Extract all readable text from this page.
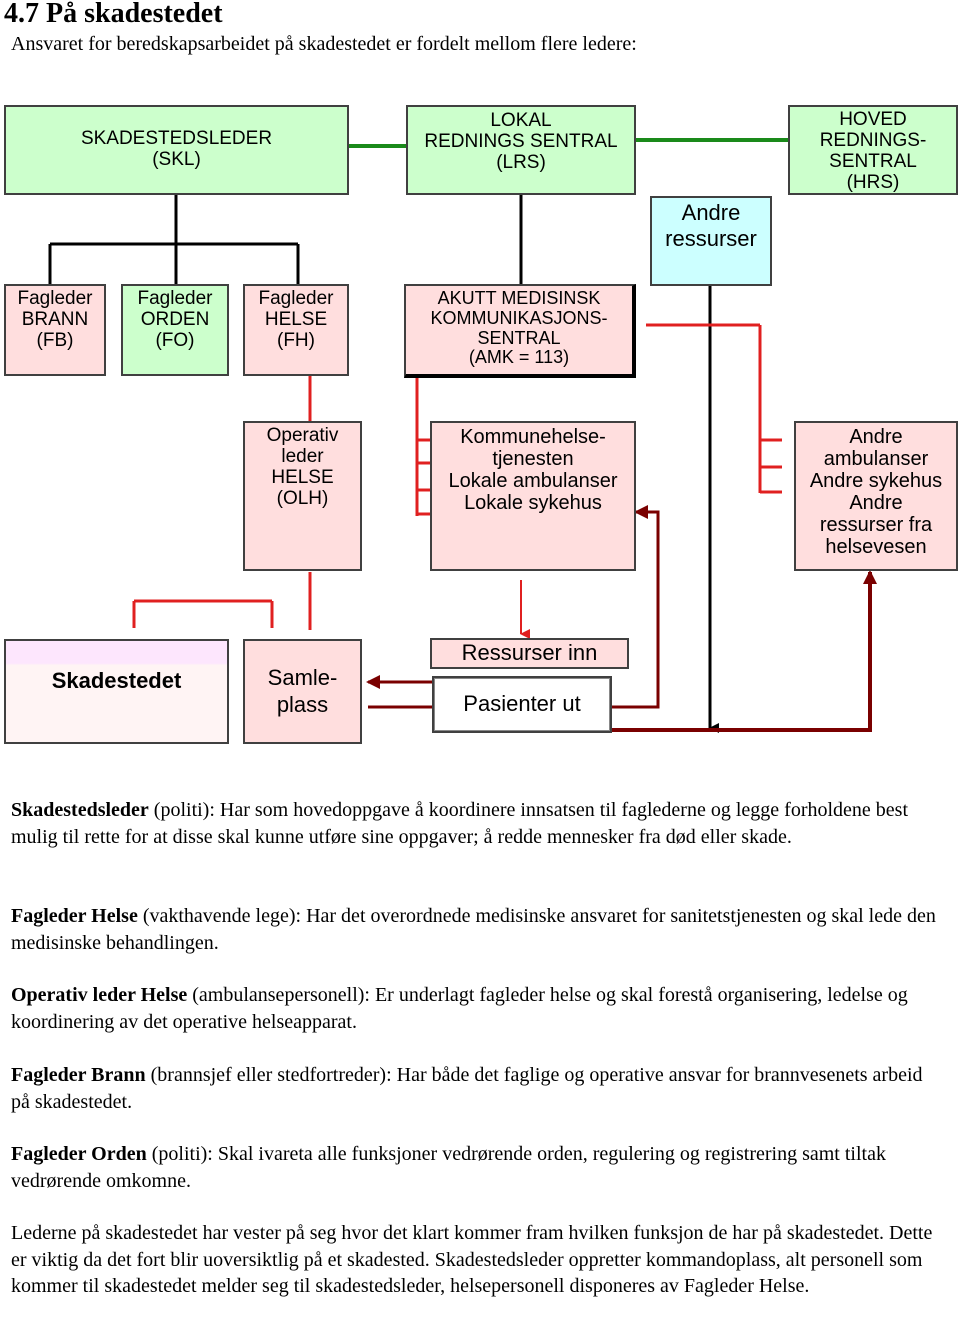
4.7 På skadestedet

Ansvaret for beredskapsarbeidet på skadestedet er fordelt mellom flere ledere:

SKADESTEDSLEDER
(SKL)
LOKAL
REDNINGS SENTRAL
(LRS)
HOVED
REDNINGS-
SENTRAL
(HRS)
Andre
ressurser
Fagleder
BRANN
(FB)
Fagleder
ORDEN
(FO)
Fagleder
HELSE
(FH)
AKUTT MEDISINSK
KOMMUNIKASJONS-
SENTRAL
(AMK = 113)
Operativ
leder
HELSE
(OLH)
Kommunehelse-
tjenesten
Lokale ambulanser
Lokale sykehus
Andre
ambulanser
Andre sykehus
Andre
ressurser fra
helsevesen
Skadestedet	Samle-
plass
Ressurser inn
Pasienter ut

Skadestedsleder (politi): Har som hovedoppgave å koordinere innsatsen til faglederne og legge forholdene best mulig til rette for at disse skal kunne utføre sine oppgaver; å redde mennesker fra død eller skade.

Fagleder Helse (vakthavende lege): Har det overordnede medisinske ansvaret for sanitetstjenesten og skal lede den medisinske behandlingen.

Operativ leder Helse (ambulansepersonell): Er underlagt fagleder helse og skal forestå organisering, ledelse og koordinering av det operative helseapparat.

Fagleder Brann (brannsjef eller stedfortreder): Har både det faglige og operative ansvar for brannvesenets arbeid på skadestedet.

Fagleder Orden (politi): Skal ivareta alle funksjoner vedrørende orden, regulering og registrering samt tiltak vedrørende omkomne.

Lederne på skadestedet har vester på seg hvor det klart kommer fram hvilken funksjon de har på skadestedet. Dette er viktig da det fort blir uoversiktlig på et skadested. Skadestedsleder oppretter kommandoplass, alt personell som kommer til skadestedet melder seg til skadestedsleder, helsepersonell disponeres av Fagleder Helse.
